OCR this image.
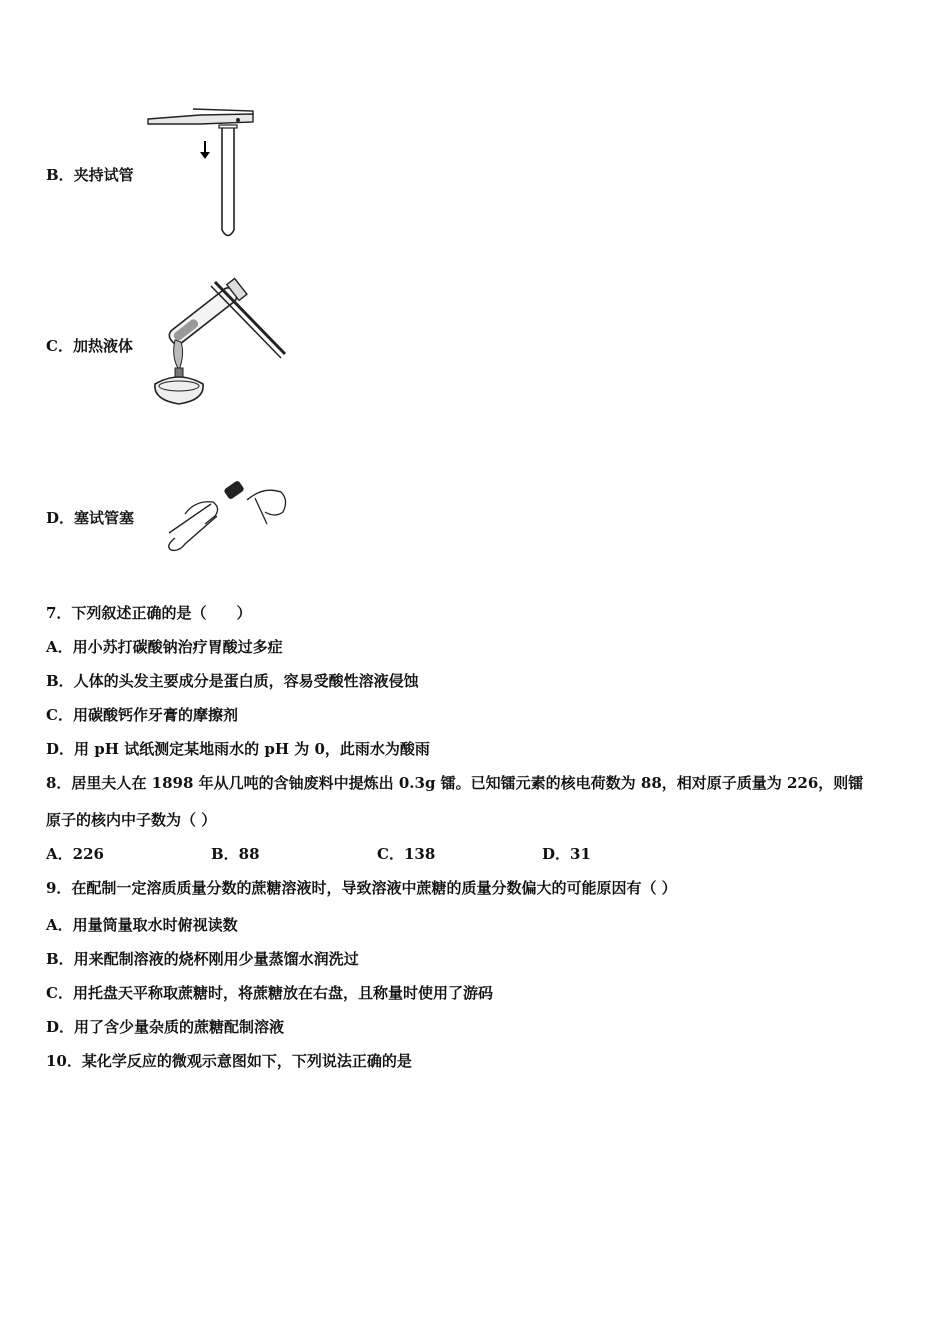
B．夹持试管
C．加热液体
D．塞试管塞
7．下列叙述正确的是（　　）
A．用小苏打碳酸钠治疗胃酸过多症
B．人体的头发主要成分是蛋白质，容易受酸性溶液侵蚀
C．用碳酸钙作牙膏的摩擦剂
D．用 pH 试纸测定某地雨水的 pH 为 0，此雨水为酸雨
8．居里夫人在 1898 年从几吨的含铀废料中提炼出 0.3g 镭。已知镭元素的核电荷数为 88，相对原子质量为 226，则镭
原子的核内中子数为（ ）
A．226	B．88	C．138	D．31
9．在配制一定溶质质量分数的蔗糖溶液时，导致溶液中蔗糖的质量分数偏大的可能原因有（ ）
A．用量筒量取水时俯视读数
B．用来配制溶液的烧杯刚用少量蒸馏水润洗过
C．用托盘天平称取蔗糖时，将蔗糖放在右盘，且称量时使用了游码
D．用了含少量杂质的蔗糖配制溶液
10．某化学反应的微观示意图如下，下列说法正确的是
